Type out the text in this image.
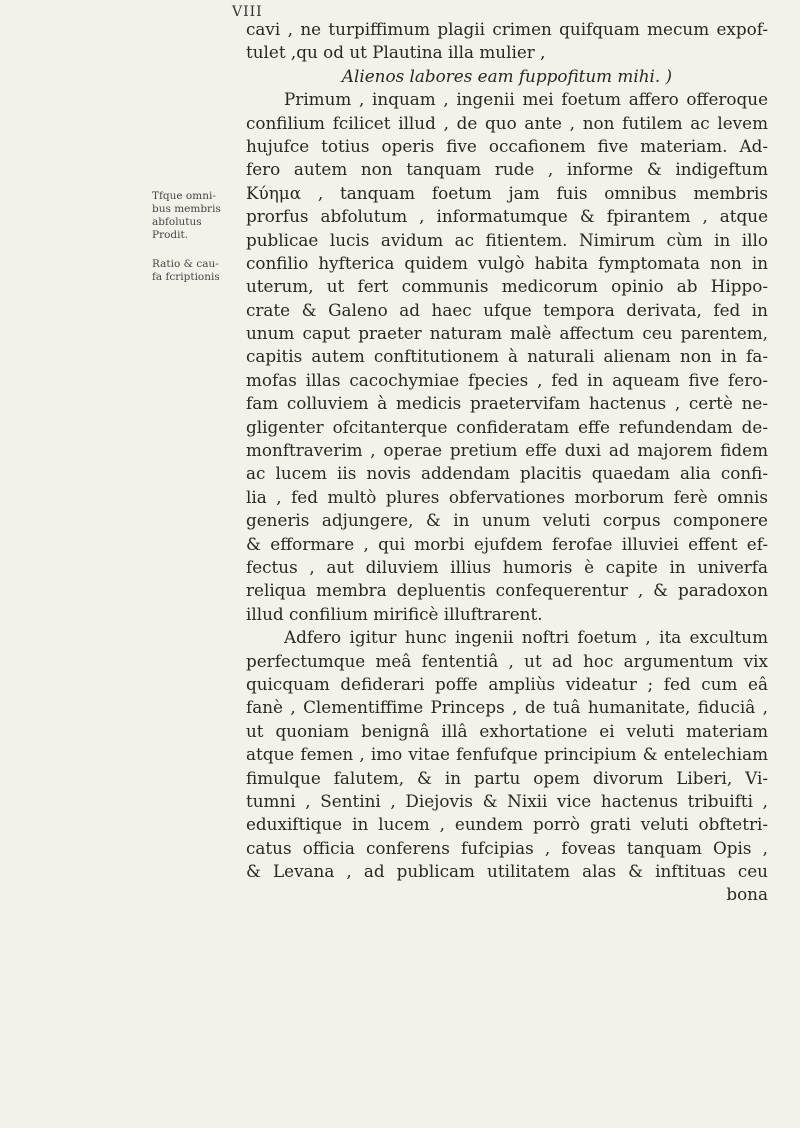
VIII
Tfque omni-
bus membris
abfolutus
Prodit.
Ratio & cau-
fa fcriptionis
cavi , ne turpiffimum plagii crimen quifquam mecum expof-
tulet ,qu od ut Plautina illa mulier ,
Alienos labores eam fuppofitum mihi. )
Primum , inquam , ingenii mei foetum affero offeroque
confilium fcilicet illud , de quo ante , non futilem ac levem
hujufce totius operis five occafionem five materiam. Ad-
fero autem non tanquam rude , informe & indigeftum
Κύημα , tanquam foetum jam fuis omnibus membris
prorfus abfolutum , informatumque & fpirantem , atque
publicae lucis avidum ac fitientem. Nimirum cùm in illo
confilio hyfterica quidem vulgò habita fymptomata non in
uterum, ut fert communis medicorum opinio ab Hippo-
crate & Galeno ad haec ufque tempora derivata, fed in
unum caput praeter naturam malè affectum ceu parentem,
capitis autem conftitutionem à naturali alienam non in fa-
mofas illas cacochymiae fpecies , fed in aqueam five fero-
fam colluviem à medicis praetervifam hactenus , certè ne-
gligenter ofcitanterque confideratam effe refundendam de-
monftraverim , operae pretium effe duxi ad majorem fidem
ac lucem iis novis addendam placitis quaedam alia confi-
lia , fed multò plures obfervationes morborum ferè omnis
generis adjungere, & in unum veluti corpus componere
& efformare , qui morbi ejufdem ferofae illuviei effent ef-
fectus , aut diluviem illius humoris è capite in univerfa
reliqua membra depluentis confequerentur , & paradoxon
illud confilium mirificè illuftrarent.
Adfero igitur hunc ingenii noftri foetum , ita excultum
perfectumque meâ fententiâ , ut ad hoc argumentum vix
quicquam defiderari poffe ampliùs videatur ; fed cum eâ
fanè , Clementiffime Princeps , de tuâ humanitate, fiduciâ ,
ut quoniam benignâ illâ exhortatione ei veluti materiam
atque femen , imo vitae fenfufque principium & entelechiam
fimulque falutem, & in partu opem divorum Liberi, Vi-
tumni , Sentini , Diejovis & Nixii vice hactenus tribuifti ,
eduxiftique in lucem , eundem porrò grati veluti obftetri-
catus officia conferens fufcipias , foveas tanquam Opis ,
& Levana , ad publicam utilitatem alas & inftituas ceu
bona
